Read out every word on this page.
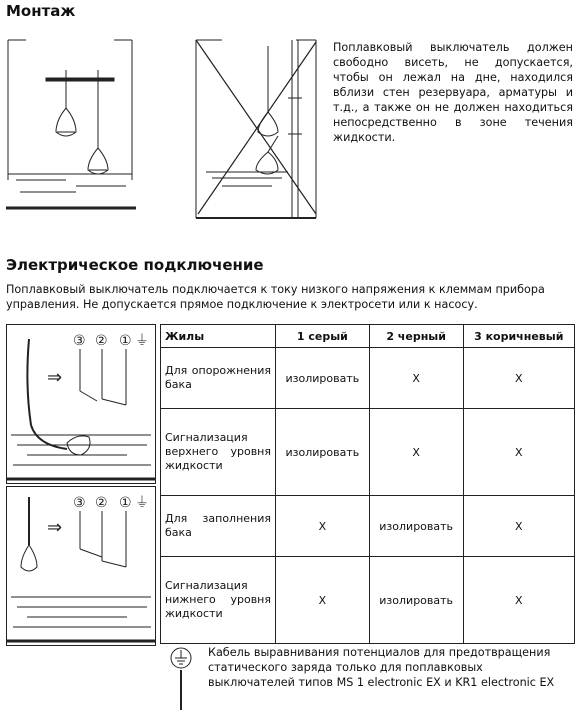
Монтаж
Поплавковый выключатель должен свободно висеть, не допускается, чтобы он лежал на дне, находился вблизи стен резервуара, арматуры и т.д., а также он не должен находиться непосредственно в зоне течения жидкости.
Электрическое подключение
Поплавковый выключатель подключается к току низкого напряжения к клеммам прибора управления. Не допускается прямое подключение к электросети или к насосу.
③ ② ① ⏚
⇒
③ ② ① ⏚
⇒
Жилы	1 серый	2 черный	3 коричневый
Для опорожнения бака	изолировать	X	X
Сигнализация верхнего уровня жидкости	изолировать	X	X
Для заполнения бака	X	изолировать	X
Сигнализация нижнего уровня жидкости	X	изолировать	X
Кабель выравнивания потенциалов для предотвращения статического заряда только для поплавковых выключателей типов MS 1 electronic EX и KR1 electronic EX
